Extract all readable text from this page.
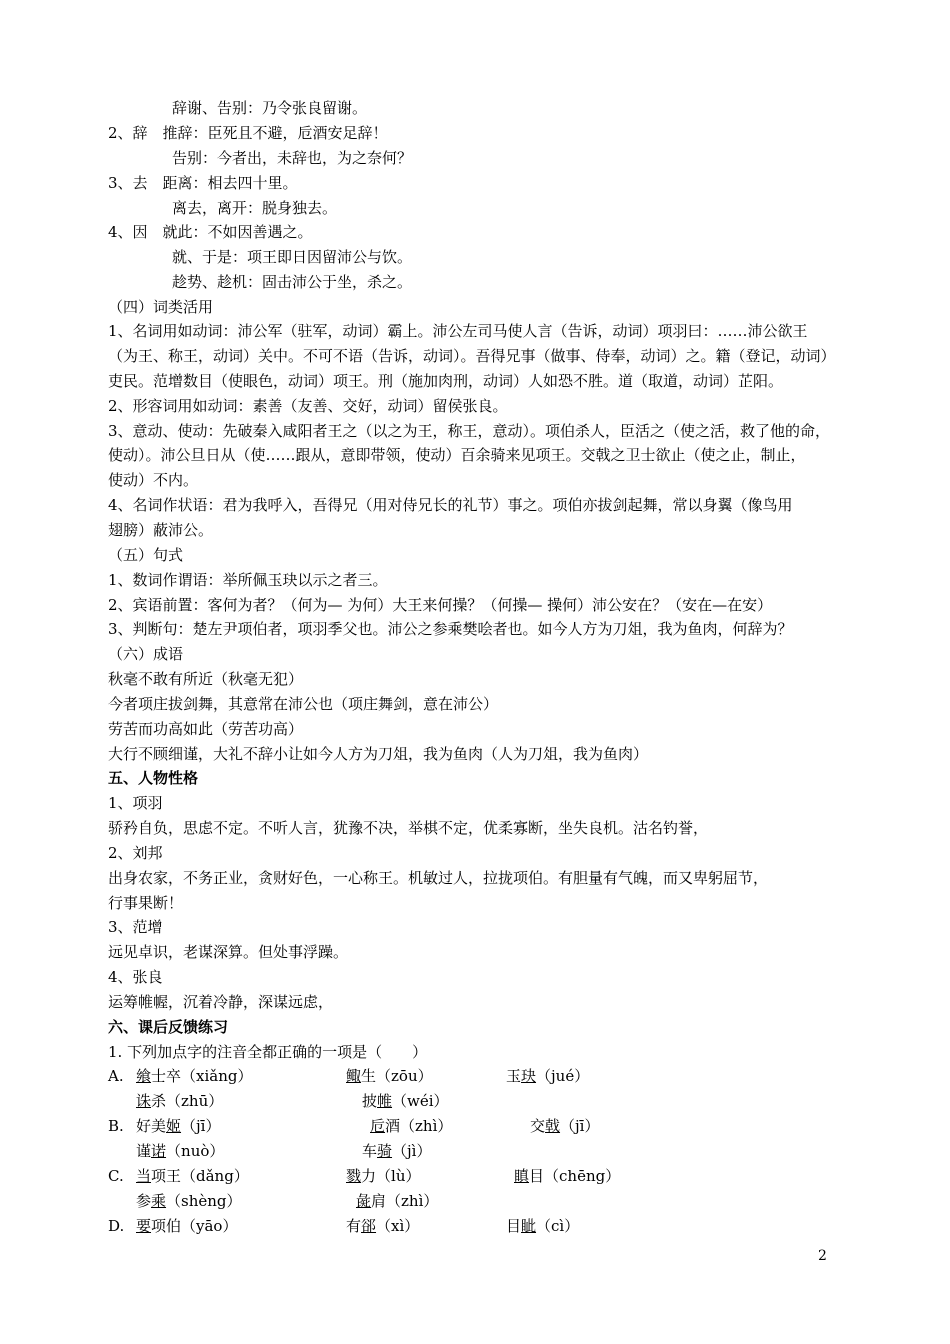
辞谢、告别：乃令张良留谢。
2、辞　推辞：臣死且不避，卮酒安足辞！
告别：今者出，未辞也，为之奈何？
3、去　距离：相去四十里。
离去，离开：脱身独去。
4、因　就此：不如因善遇之。
就、于是：项王即日因留沛公与饮。
趁势、趁机：固击沛公于坐，杀之。
（四）词类活用
1、名词用如动词：沛公军（驻军，动词）霸上。沛公左司马使人言（告诉，动词）项羽曰：……沛公欲王
（为王、称王，动词）关中。不可不语（告诉，动词）。吾得兄事（做事、侍奉，动词）之。籍（登记，动词）
吏民。范增数目（使眼色，动词）项王。刑（施加肉刑，动词）人如恐不胜。道（取道，动词）芷阳。
2、形容词用如动词：素善（友善、交好，动词）留侯张良。
3、意动、使动：先破秦入咸阳者王之（以之为王，称王，意动）。项伯杀人，臣活之（使之活，救了他的命，
使动）。沛公旦日从（使……跟从，意即带领，使动）百余骑来见项王。交戟之卫士欲止（使之止，制止，
使动）不内。
4、名词作状语：君为我呼入，吾得兄（用对侍兄长的礼节）事之。项伯亦拔剑起舞，常以身翼（像鸟用
翅膀）蔽沛公。
（五）句式
1、数词作谓语：举所佩玉玦以示之者三。
2、宾语前置：客何为者？（何为— 为何）大王来何操？（何操— 操何）沛公安在？（安在—在安）
3、判断句：楚左尹项伯者，项羽季父也。沛公之参乘樊哙者也。如今人方为刀俎，我为鱼肉，何辞为？
（六）成语
秋毫不敢有所近（秋毫无犯）
今者项庄拔剑舞，其意常在沛公也（项庄舞剑，意在沛公）
劳苦而功高如此（劳苦功高）
大行不顾细谨，大礼不辞小让如今人方为刀俎，我为鱼肉（人为刀俎，我为鱼肉）
五、人物性格
1、项羽
骄矜自负，思虑不定。不听人言，犹豫不决，举棋不定，优柔寡断，坐失良机。沽名钓誉，
2、刘邦
出身农家，不务正业，贪财好色，一心称王。机敏过人，拉拢项伯。有胆量有气魄，而又卑躬屈节，
行事果断！
3、范增
远见卓识，老谋深算。但处事浮躁。
4、张良
运筹帷幄，沉着冷静，深谋远虑，
六、课后反馈练习
1. 下列加点字的注音全都正确的一项是（　　）
A. 飨士卒（xiǎng）	鲰生（zōu）	玉玦（jué）
诛杀（zhū）	披帷（wéi）
B. 好美姬（jī）	卮酒（zhì）	交戟（jī）
谨诺（nuò）	车骑（jì）
C. 当项王（dǎng）	戮力（lù）	瞋目（chēng）
参乘（shèng）	彘肩（zhì）
D. 要项伯（yāo）	有郤（xì）	目眦（cì）
2
